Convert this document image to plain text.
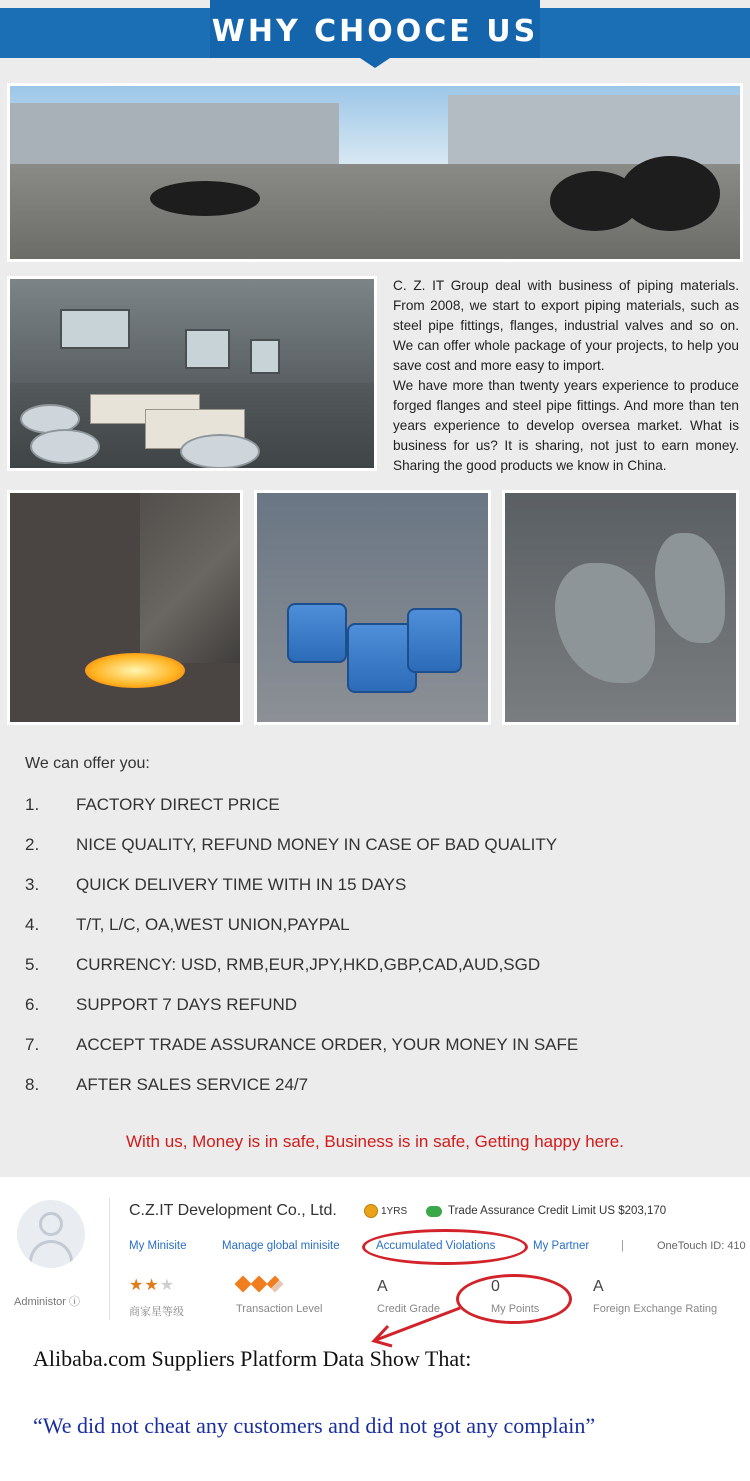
WHY CHOOCE US
C. Z. IT Group deal with business of piping materials. From 2008, we start to export piping materials, such as steel pipe fittings, flanges, industrial valves and so on. We can offer whole package of your projects, to help you save cost and more easy to import.
We have more than twenty years experience to produce forged flanges and steel pipe fittings. And more than ten years experience to develop oversea market. What is business for us? It is sharing, not just to earn money. Sharing the good products we know in China.
We can offer you:
1. FACTORY DIRECT PRICE
2. NICE QUALITY, REFUND MONEY IN CASE OF BAD QUALITY
3. QUICK DELIVERY TIME WITH IN 15 DAYS
4. T/T, L/C, OA,WEST UNION,PAYPAL
5. CURRENCY: USD, RMB,EUR,JPY,HKD,GBP,CAD,AUD,SGD
6. SUPPORT 7 DAYS REFUND
7. ACCEPT TRADE ASSURANCE ORDER, YOUR MONEY IN SAFE
8. AFTER SALES SERVICE 24/7
With us, Money is in safe, Business is in safe, Getting happy here.
Administor ⓘ
C.Z.IT Development Co., Ltd.	1YRS	Trade Assurance Credit Limit US $203,170
My Minisite	Manage global minisite	Accumulated Violations	My Partner	|	OneTouch ID: 410
★★★
商家星等级	Transaction Level
A
Credit Grade
0
My Points
A
Foreign Exchange Rating
Alibaba.com Suppliers Platform Data Show That:
“We did not cheat any customers and did not got any complain”
